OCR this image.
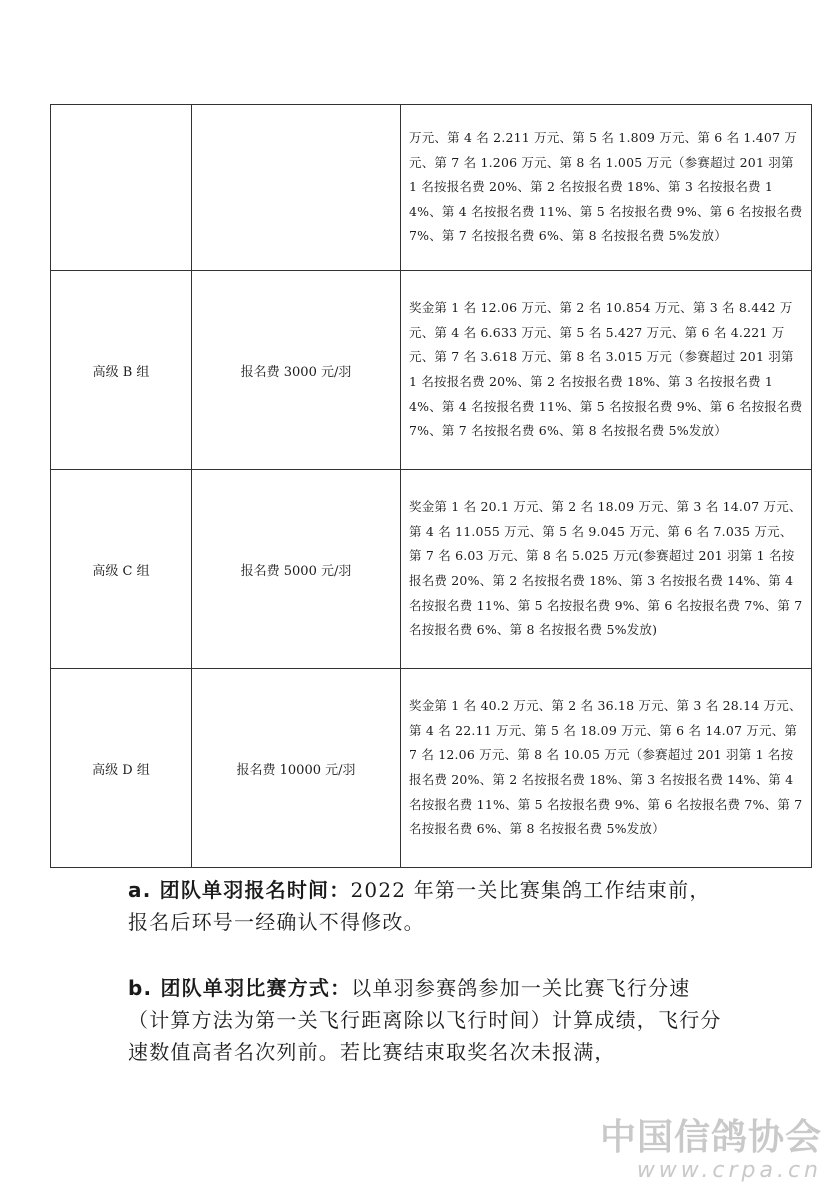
		万元、第 4 名 2.211 万元、第 5 名 1.809 万元、第 6 名 1.407 万元、第 7 名 1.206 万元、第 8 名 1.005 万元（参赛超过 201 羽第 1 名按报名费 20%、第 2 名按报名费 18%、第 3 名按报名费 14%、第 4 名按报名费 11%、第 5 名按报名费 9%、第 6 名按报名费 7%、第 7 名按报名费 6%、第 8 名按报名费 5%发放）

高级 B 组	报名费 3000 元/羽	奖金第 1 名 12.06 万元、第 2 名 10.854 万元、第 3 名 8.442 万元、第 4 名 6.633 万元、第 5 名 5.427 万元、第 6 名 4.221 万元、第 7 名 3.618 万元、第 8 名 3.015 万元（参赛超过 201 羽第 1 名按报名费 20%、第 2 名按报名费 18%、第 3 名按报名费 14%、第 4 名按报名费 11%、第 5 名按报名费 9%、第 6 名按报名费 7%、第 7 名按报名费 6%、第 8 名按报名费 5%发放）

高级 C 组	报名费 5000 元/羽	奖金第 1 名 20.1 万元、第 2 名 18.09 万元、第 3 名 14.07 万元、第 4 名 11.055 万元、第 5 名 9.045 万元、第 6 名 7.035 万元、第 7 名 6.03 万元、第 8 名 5.025 万元(参赛超过 201 羽第 1 名按报名费 20%、第 2 名按报名费 18%、第 3 名按报名费 14%、第 4 名按报名费 11%、第 5 名按报名费 9%、第 6 名按报名费 7%、第 7 名按报名费 6%、第 8 名按报名费 5%发放)

高级 D 组	报名费 10000 元/羽	奖金第 1 名 40.2 万元、第 2 名 36.18 万元、第 3 名 28.14 万元、第 4 名 22.11 万元、第 5 名 18.09 万元、第 6 名 14.07 万元、第 7 名 12.06 万元、第 8 名 10.05 万元（参赛超过 201 羽第 1 名按报名费 20%、第 2 名按报名费 18%、第 3 名按报名费 14%、第 4 名按报名费 11%、第 5 名按报名费 9%、第 6 名按报名费 7%、第 7 名按报名费 6%、第 8 名按报名费 5%发放）
a. 团队单羽报名时间：2022 年第一关比赛集鸽工作结束前，报名后环号一经确认不得修改。
b. 团队单羽比赛方式：以单羽参赛鸽参加一关比赛飞行分速（计算方法为第一关飞行距离除以飞行时间）计算成绩，飞行分速数值高者名次列前。若比赛结束取奖名次未报满，
中国信鸽协会
www.crpa.cn
